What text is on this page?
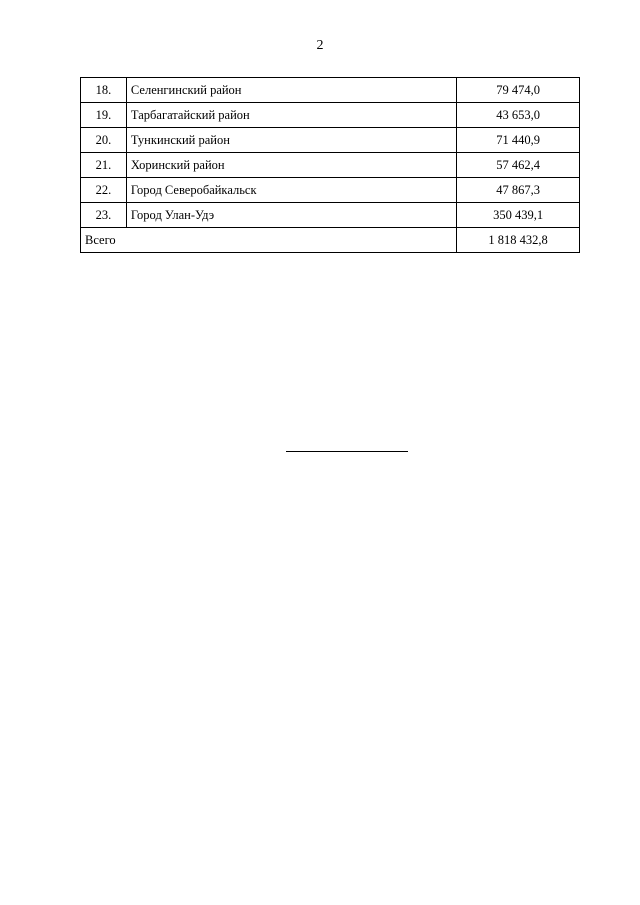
2
18.	Селенгинский район	79 474,0
19.	Тарбагатайский район	43 653,0
20.	Тункинский район	71 440,9
21.	Хоринский район	57 462,4
22.	Город Северобайкальск	47 867,3
23.	Город Улан-Удэ	350 439,1
Всего		1 818 432,8
